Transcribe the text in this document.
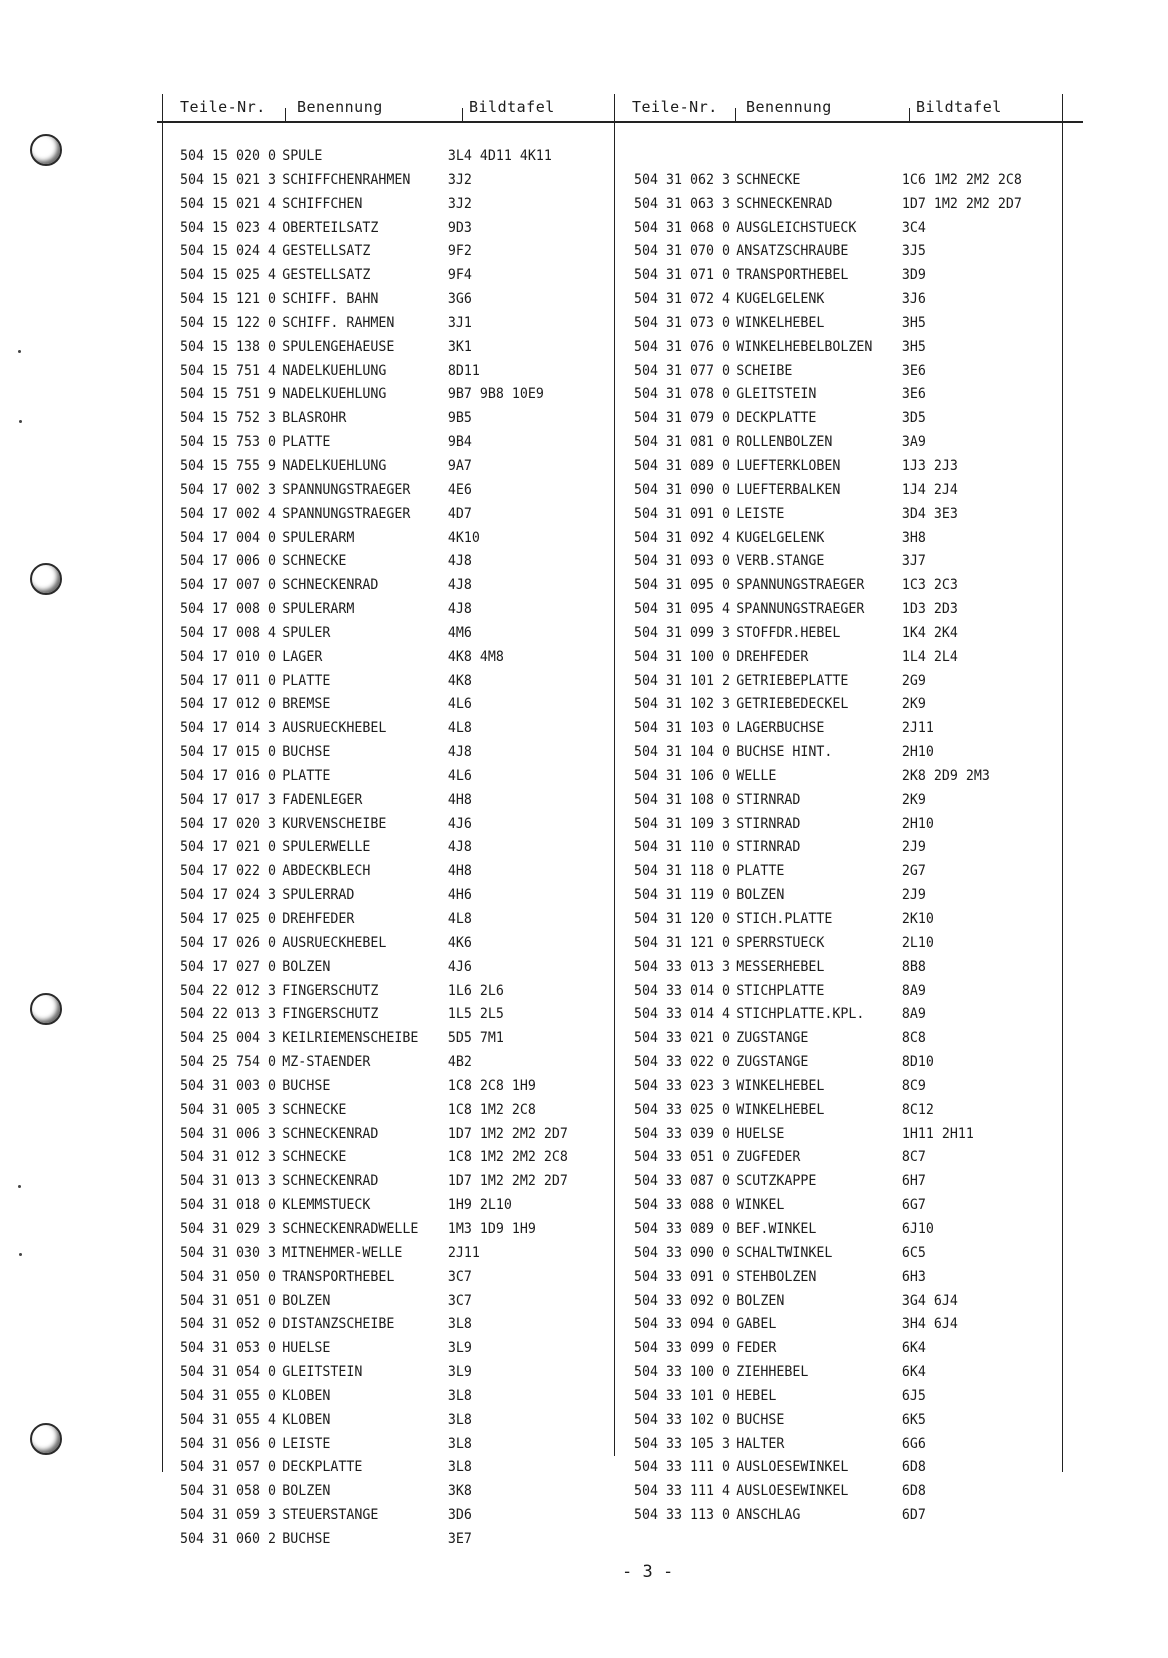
Teile-Nr. Benennung	Bildtafel	Teile-Nr. Benennung	Bildtafel
504 15 020 0 SPULE	3L4 4D11 4K11
504 15 021 3 SCHIFFCHENRAHMEN	3J2
504 15 021 4 SCHIFFCHEN	3J2
504 15 023 4 OBERTEILSATZ	9D3
504 15 024 4 GESTELLSATZ	9F2
504 15 025 4 GESTELLSATZ	9F4
504 15 121 0 SCHIFF. BAHN	3G6
504 15 122 0 SCHIFF. RAHMEN	3J1
504 15 138 0 SPULENGEHAEUSE	3K1
504 15 751 4 NADELKUEHLUNG	8D11
504 15 751 9 NADELKUEHLUNG	9B7 9B8 10E9
504 15 752 3 BLASROHR	9B5
504 15 753 0 PLATTE	9B4
504 15 755 9 NADELKUEHLUNG	9A7
504 17 002 3 SPANNUNGSTRAEGER	4E6
504 17 002 4 SPANNUNGSTRAEGER	4D7
504 17 004 0 SPULERARM	4K10
504 17 006 0 SCHNECKE	4J8
504 17 007 0 SCHNECKENRAD	4J8
504 17 008 0 SPULERARM	4J8
504 17 008 4 SPULER	4M6
504 17 010 0 LAGER	4K8 4M8
504 17 011 0 PLATTE	4K8
504 17 012 0 BREMSE	4L6
504 17 014 3 AUSRUECKHEBEL	4L8
504 17 015 0 BUCHSE	4J8
504 17 016 0 PLATTE	4L6
504 17 017 3 FADENLEGER	4H8
504 17 020 3 KURVENSCHEIBE	4J6
504 17 021 0 SPULERWELLE	4J8
504 17 022 0 ABDECKBLECH	4H8
504 17 024 3 SPULERRAD	4H6
504 17 025 0 DREHFEDER	4L8
504 17 026 0 AUSRUECKHEBEL	4K6
504 17 027 0 BOLZEN	4J6
504 22 012 3 FINGERSCHUTZ	1L6 2L6
504 22 013 3 FINGERSCHUTZ	1L5 2L5
504 25 004 3 KEILRIEMENSCHEIBE 5D5 7M1
504 25 754 0 MZ-STAENDER	4B2
504 31 003 0 BUCHSE	1C8 2C8 1H9
504 31 005 3 SCHNECKE	1C8 1M2 2C8
504 31 006 3 SCHNECKENRAD	1D7 1M2 2M2 2D7
504 31 012 3 SCHNECKE	1C8 1M2 2M2 2C8
504 31 013 3 SCHNECKENRAD	1D7 1M2 2M2 2D7
504 31 018 0 KLEMMSTUECK	1H9 2L10
504 31 029 3 SCHNECKENRADWELLE 1M3 1D9 1H9
504 31 030 3 MITNEHMER-WELLE	2J11
504 31 050 0 TRANSPORTHEBEL	3C7
504 31 051 0 BOLZEN	3C7
504 31 052 0 DISTANZSCHEIBE	3L8
504 31 053 0 HUELSE	3L9
504 31 054 0 GLEITSTEIN	3L9
504 31 055 0 KLOBEN	3L8
504 31 055 4 KLOBEN	3L8
504 31 056 0 LEISTE	3L8
504 31 057 0 DECKPLATTE	3L8
504 31 058 0 BOLZEN	3K8
504 31 059 3 STEUERSTANGE	3D6
504 31 060 2 BUCHSE	3E7
504 31 062 3 SCHNECKE	1C6 1M2 2M2 2C8
504 31 063 3 SCHNECKENRAD	1D7 1M2 2M2 2D7
504 31 068 0 AUSGLEICHSTUECK	3C4
504 31 070 0 ANSATZSCHRAUBE	3J5
504 31 071 0 TRANSPORTHEBEL	3D9
504 31 072 4 KUGELGELENK	3J6
504 31 073 0 WINKELHEBEL	3H5
504 31 076 0 WINKELHEBELBOLZEN 3H5
504 31 077 0 SCHEIBE	3E6
504 31 078 0 GLEITSTEIN	3E6
504 31 079 0 DECKPLATTE	3D5
504 31 081 0 ROLLENBOLZEN	3A9
504 31 089 0 LUEFTERKLOBEN	1J3 2J3
504 31 090 0 LUEFTERBALKEN	1J4 2J4
504 31 091 0 LEISTE	3D4 3E3
504 31 092 4 KUGELGELENK	3H8
504 31 093 0 VERB.STANGE	3J7
504 31 095 0 SPANNUNGSTRAEGER	1C3 2C3
504 31 095 4 SPANNUNGSTRAEGER	1D3 2D3
504 31 099 3 STOFFDR.HEBEL	1K4 2K4
504 31 100 0 DREHFEDER	1L4 2L4
504 31 101 2 GETRIEBEPLATTE	2G9
504 31 102 3 GETRIEBEDECKEL	2K9
504 31 103 0 LAGERBUCHSE	2J11
504 31 104 0 BUCHSE HINT.	2H10
504 31 106 0 WELLE	2K8 2D9 2M3
504 31 108 0 STIRNRAD	2K9
504 31 109 3 STIRNRAD	2H10
504 31 110 0 STIRNRAD	2J9
504 31 118 0 PLATTE	2G7
504 31 119 0 BOLZEN	2J9
504 31 120 0 STICH.PLATTE	2K10
504 31 121 0 SPERRSTUECK	2L10
504 33 013 3 MESSERHEBEL	8B8
504 33 014 0 STICHPLATTE	8A9
504 33 014 4 STICHPLATTE.KPL.	8A9
504 33 021 0 ZUGSTANGE	8C8
504 33 022 0 ZUGSTANGE	8D10
504 33 023 3 WINKELHEBEL	8C9
504 33 025 0 WINKELHEBEL	8C12
504 33 039 0 HUELSE	1H11 2H11
504 33 051 0 ZUGFEDER	8C7
504 33 087 0 SCUTZKAPPE	6H7
504 33 088 0 WINKEL	6G7
504 33 089 0 BEF.WINKEL	6J10
504 33 090 0 SCHALTWINKEL	6C5
504 33 091 0 STEHBOLZEN	6H3
504 33 092 0 BOLZEN	3G4 6J4
504 33 094 0 GABEL	3H4 6J4
504 33 099 0 FEDER	6K4
504 33 100 0 ZIEHHEBEL	6K4
504 33 101 0 HEBEL	6J5
504 33 102 0 BUCHSE	6K5
504 33 105 3 HALTER	6G6
504 33 111 0 AUSLOESEWINKEL	6D8
504 33 111 4 AUSLOESEWINKEL	6D8
504 33 113 0 ANSCHLAG	6D7
- 3 -
